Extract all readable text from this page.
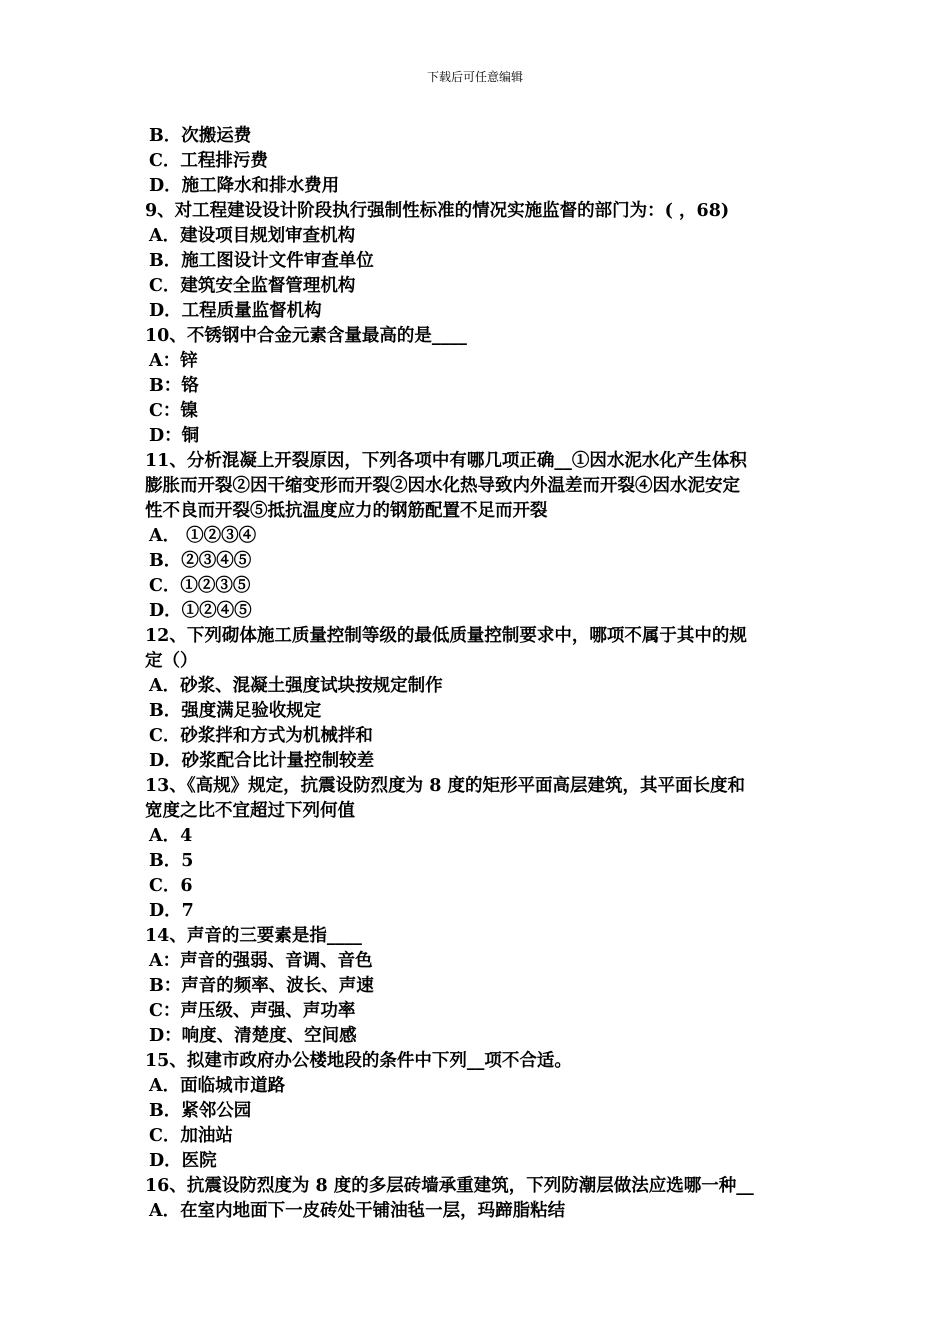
下载后可任意编辑
B．次搬运费
C．工程排污费
D．施工降水和排水费用
9、对工程建设设计阶段执行强制性标准的情况实施监督的部门为：( ，68)
A．建设项目规划审查机构
B．施工图设计文件审查单位
C．建筑安全监督管理机构
D．工程质量监督机构
10、不锈钢中合金元素含量最高的是____
A：锌
B：铬
C：镍
D：铜
11、分析混凝上开裂原因，下列各项中有哪几项正确__①因水泥水化产生体积
膨胀而开裂②因干缩变形而开裂②因水化热导致内外温差而开裂④因水泥安定
性不良而开裂⑤抵抗温度应力的钢筋配置不足而开裂
A． ①②③④
B．②③④⑤
C．①②③⑤
D．①②④⑤
12、下列砌体施工质量控制等级的最低质量控制要求中，哪项不属于其中的规
定（）
A．砂浆、混凝土强度试块按规定制作
B．强度满足验收规定
C．砂浆拌和方式为机械拌和
D．砂浆配合比计量控制较差
13、《高规》规定，抗震设防烈度为 8 度的矩形平面高层建筑，其平面长度和
宽度之比不宜超过下列何值
A．4
B．5
C．6
D．7
14、声音的三要素是指____
A：声音的强弱、音调、音色
B：声音的频率、波长、声速
C：声压级、声强、声功率
D：响度、清楚度、空间感
15、拟建市政府办公楼地段的条件中下列__项不合适。
A．面临城市道路
B．紧邻公园
C．加油站
D．医院
16、抗震设防烈度为 8 度的多层砖墙承重建筑，下列防潮层做法应选哪一种__
A．在室内地面下一皮砖处干铺油毡一层，玛蹄脂粘结
